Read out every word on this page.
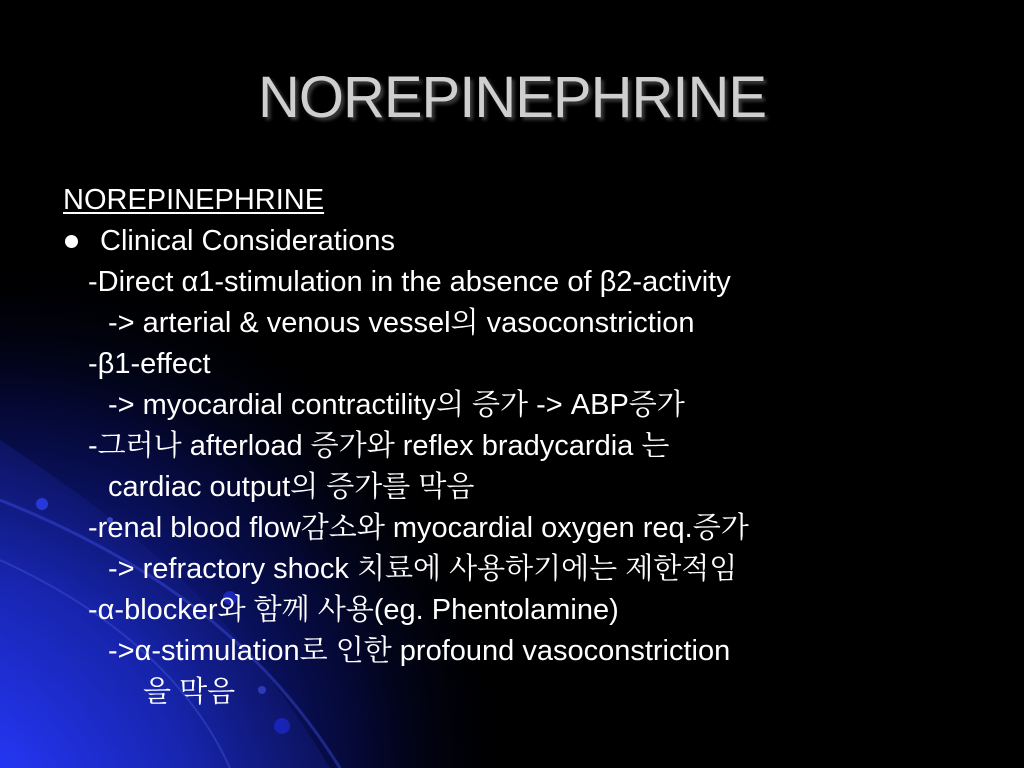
NOREPINEPHRINE
NOREPINEPHRINE
Clinical Considerations
-Direct α1-stimulation in the absence of β2-activity
-> arterial & venous vessel의 vasoconstriction
-β1-effect
-> myocardial contractility의 증가 -> ABP증가
-그러나 afterload 증가와 reflex bradycardia 는
cardiac output의 증가를 막음
-renal blood flow감소와 myocardial oxygen req.증가
-> refractory shock 치료에 사용하기에는 제한적임
-α-blocker와 함께 사용(eg. Phentolamine)
->α-stimulation로 인한 profound vasoconstriction
을 막음
